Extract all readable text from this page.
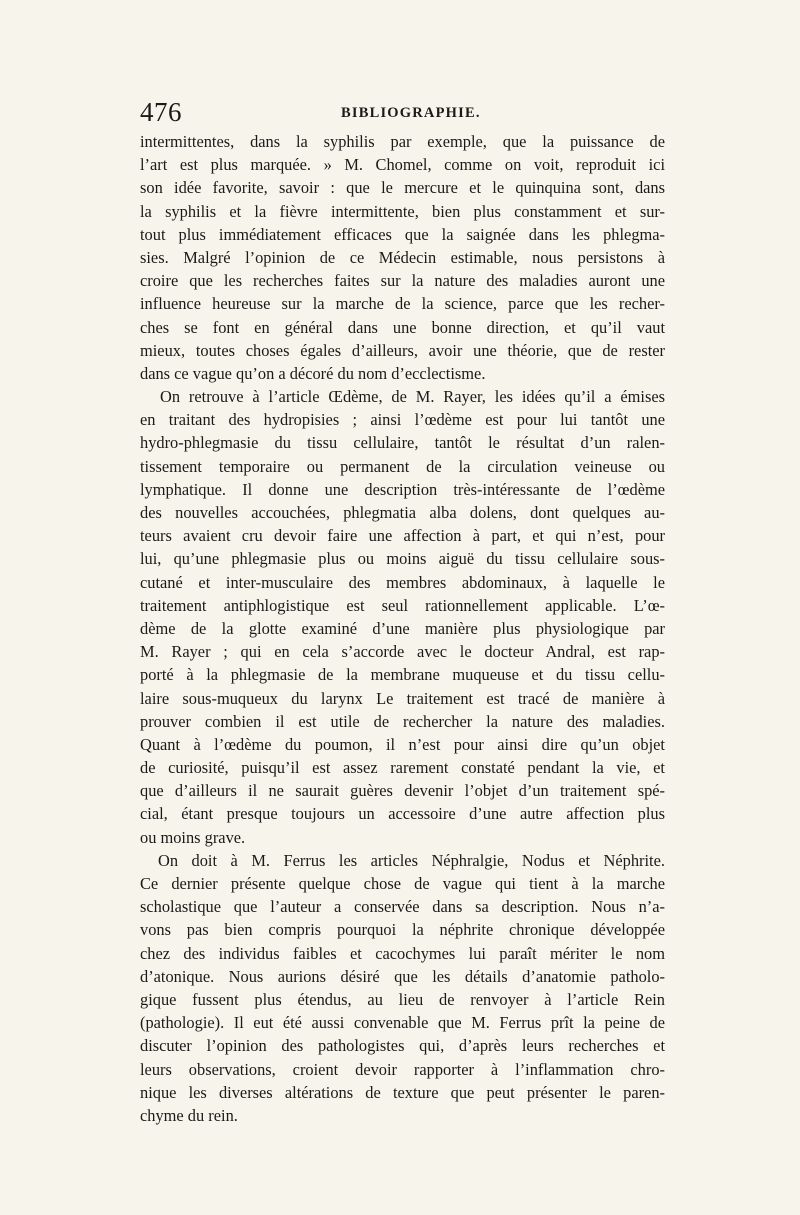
476	BIBLIOGRAPHIE.
intermittentes, dans la syphilis par exemple, que la puissance de
l’art est plus marquée. » M. Chomel, comme on voit, reproduit ici
son idée favorite, savoir : que le mercure et le quinquina sont, dans
la syphilis et la fièvre intermittente, bien plus constamment et sur-
tout plus immédiatement efficaces que la saignée dans les phlegma-
sies. Malgré l’opinion de ce Médecin estimable, nous persistons à
croire que les recherches faites sur la nature des maladies auront une
influence heureuse sur la marche de la science, parce que les recher-
ches se font en général dans une bonne direction, et qu’il vaut
mieux, toutes choses égales d’ailleurs, avoir une théorie, que de rester
dans ce vague qu’on a décoré du nom d’ecclectisme.
On retrouve à l’article Œdème, de M. Rayer, les idées qu’il a émises
en traitant des hydropisies ; ainsi l’œdème est pour lui tantôt une
hydro-phlegmasie du tissu cellulaire, tantôt le résultat d’un ralen-
tissement temporaire ou permanent de la circulation veineuse ou
lymphatique. Il donne une description très-intéressante de l’œdème
des nouvelles accouchées, phlegmatia alba dolens, dont quelques au-
teurs avaient cru devoir faire une affection à part, et qui n’est, pour
lui, qu’une phlegmasie plus ou moins aiguë du tissu cellulaire sous-
cutané et inter-musculaire des membres abdominaux, à laquelle le
traitement antiphlogistique est seul rationnellement applicable. L’œ-
dème de la glotte examiné d’une manière plus physiologique par
M. Rayer ; qui en cela s’accorde avec le docteur Andral, est rap-
porté à la phlegmasie de la membrane muqueuse et du tissu cellu-
laire sous-muqueux du larynx Le traitement est tracé de manière à
prouver combien il est utile de rechercher la nature des maladies.
Quant à l’œdème du poumon, il n’est pour ainsi dire qu’un objet
de curiosité, puisqu’il est assez rarement constaté pendant la vie, et
que d’ailleurs il ne saurait guères devenir l’objet d’un traitement spé-
cial, étant presque toujours un accessoire d’une autre affection plus
ou moins grave.
On doit à M. Ferrus les articles Néphralgie, Nodus et Néphrite.
Ce dernier présente quelque chose de vague qui tient à la marche
scholastique que l’auteur a conservée dans sa description. Nous n’a-
vons pas bien compris pourquoi la néphrite chronique développée
chez des individus faibles et cacochymes lui paraît mériter le nom
d’atonique. Nous aurions désiré que les détails d’anatomie patholo-
gique fussent plus étendus, au lieu de renvoyer à l’article Rein
(pathologie). Il eut été aussi convenable que M. Ferrus prît la peine de
discuter l’opinion des pathologistes qui, d’après leurs recherches et
leurs observations, croient devoir rapporter à l’inflammation chro-
nique les diverses altérations de texture que peut présenter le paren-
chyme du rein.
